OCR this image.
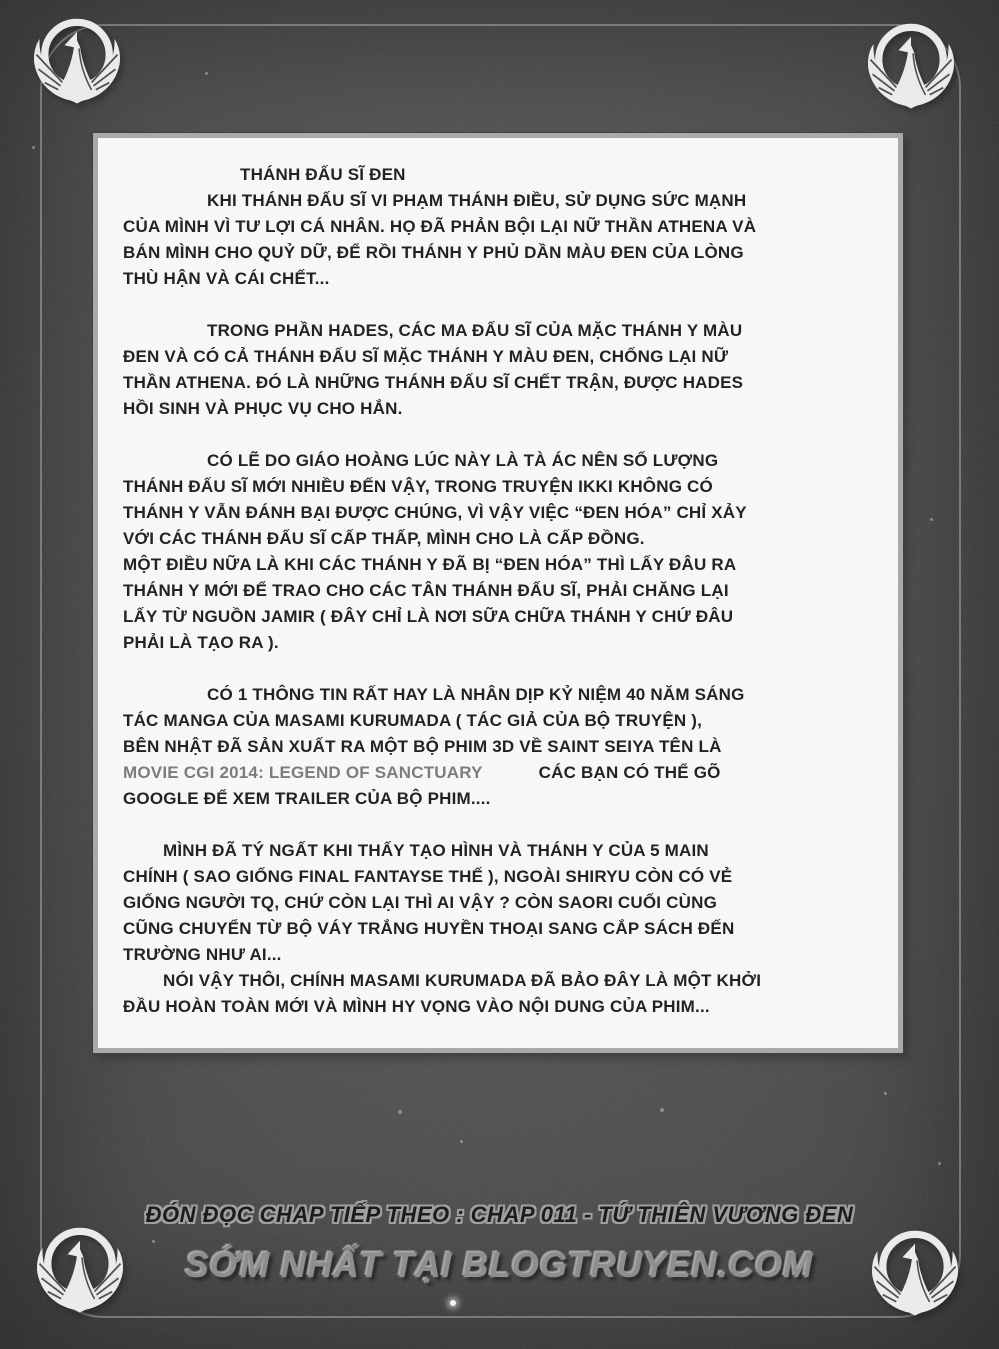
THÁNH ĐẤU SĨ ĐEN
KHI THÁNH ĐẤU SĨ VI PHẠM THÁNH ĐIỀU, SỬ DỤNG SỨC MẠNH
CỦA MÌNH VÌ TƯ LỢI CÁ NHÂN. HỌ ĐÃ PHẢN BỘI LẠI NỮ THẦN ATHENA VÀ
BÁN MÌNH CHO QUỶ DỮ, ĐỂ RỒI THÁNH Y PHỦ DẦN MÀU ĐEN CỦA LÒNG
THÙ HẬN VÀ CÁI CHẾT...
TRONG PHẦN HADES, CÁC MA ĐẤU SĨ CỦA MẶC THÁNH Y MÀU
ĐEN VÀ CÓ CẢ THÁNH ĐẤU SĨ MẶC THÁNH Y MÀU ĐEN, CHỐNG LẠI NỮ
THẦN ATHENA. ĐÓ LÀ NHỮNG THÁNH ĐẤU SĨ CHẾT TRẬN, ĐƯỢC HADES
HỒI SINH VÀ PHỤC VỤ CHO HẮN.
CÓ LẼ DO GIÁO HOÀNG LÚC NÀY LÀ TÀ ÁC NÊN SỐ LƯỢNG
THÁNH ĐẤU SĨ MỚI NHIỀU ĐẾN VẬY, TRONG TRUYỆN IKKI KHÔNG CÓ
THÁNH Y VẪN ĐÁNH BẠI ĐƯỢC CHÚNG, VÌ VẬY VIỆC “ĐEN HÓA” CHỈ XẢY
VỚI CÁC THÁNH ĐẤU SĨ CẤP THẤP, MÌNH CHO LÀ CẤP ĐỒNG.
MỘT ĐIỀU NỮA LÀ KHI CÁC THÁNH Y ĐÃ BỊ “ĐEN HÓA” THÌ LẤY ĐÂU RA
THÁNH Y MỚI ĐỂ TRAO CHO CÁC TÂN THÁNH ĐẤU SĨ, PHẢI CHĂNG LẠI
LẤY TỪ NGUỒN JAMIR ( ĐÂY CHỈ LÀ NƠI SỮA CHỮA THÁNH Y CHỨ ĐÂU
PHẢI LÀ TẠO RA ).
CÓ 1 THÔNG TIN RẤT HAY LÀ NHÂN DỊP KỶ NIỆM 40 NĂM SÁNG
TÁC MANGA CỦA MASAMI KURUMADA ( TÁC GIẢ CỦA BỘ TRUYỆN ),
BÊN NHẬT ĐÃ SẢN XUẤT RA MỘT BỘ PHIM 3D VỀ SAINT SEIYA TÊN LÀ
MOVIE CGI 2014: LEGEND OF SANCTUARY	CÁC BẠN CÓ THỂ GÕ
GOOGLE ĐỂ XEM TRAILER CỦA BỘ PHIM....
MÌNH ĐÃ TÝ NGẤT KHI THẤY TẠO HÌNH VÀ THÁNH Y CỦA 5 MAIN
CHÍNH ( SAO GIỐNG FINAL FANTAYSE THẾ ), NGOÀI SHIRYU CÒN CÓ VẺ
GIỐNG NGƯỜI TQ, CHỨ CÒN LẠI THÌ AI VẬY ? CÒN SAORI CUỐI CÙNG
CŨNG CHUYỂN TỪ BỘ VÁY TRẮNG HUYỀN THOẠI SANG CẮP SÁCH ĐẾN
TRƯỜNG NHƯ AI...
NÓI VẬY THÔI, CHÍNH MASAMI KURUMADA ĐÃ BẢO ĐÂY LÀ MỘT KHỞI
ĐẦU HOÀN TOÀN MỚI VÀ MÌNH HY VỌNG VÀO NỘI DUNG CỦA PHIM...
ĐÓN ĐỌC CHAP TIẾP THEO : CHAP 011 - TỨ THIÊN VƯƠNG ĐEN
SỚM NHẤT TẠI BLOGTRUYEN.COM
